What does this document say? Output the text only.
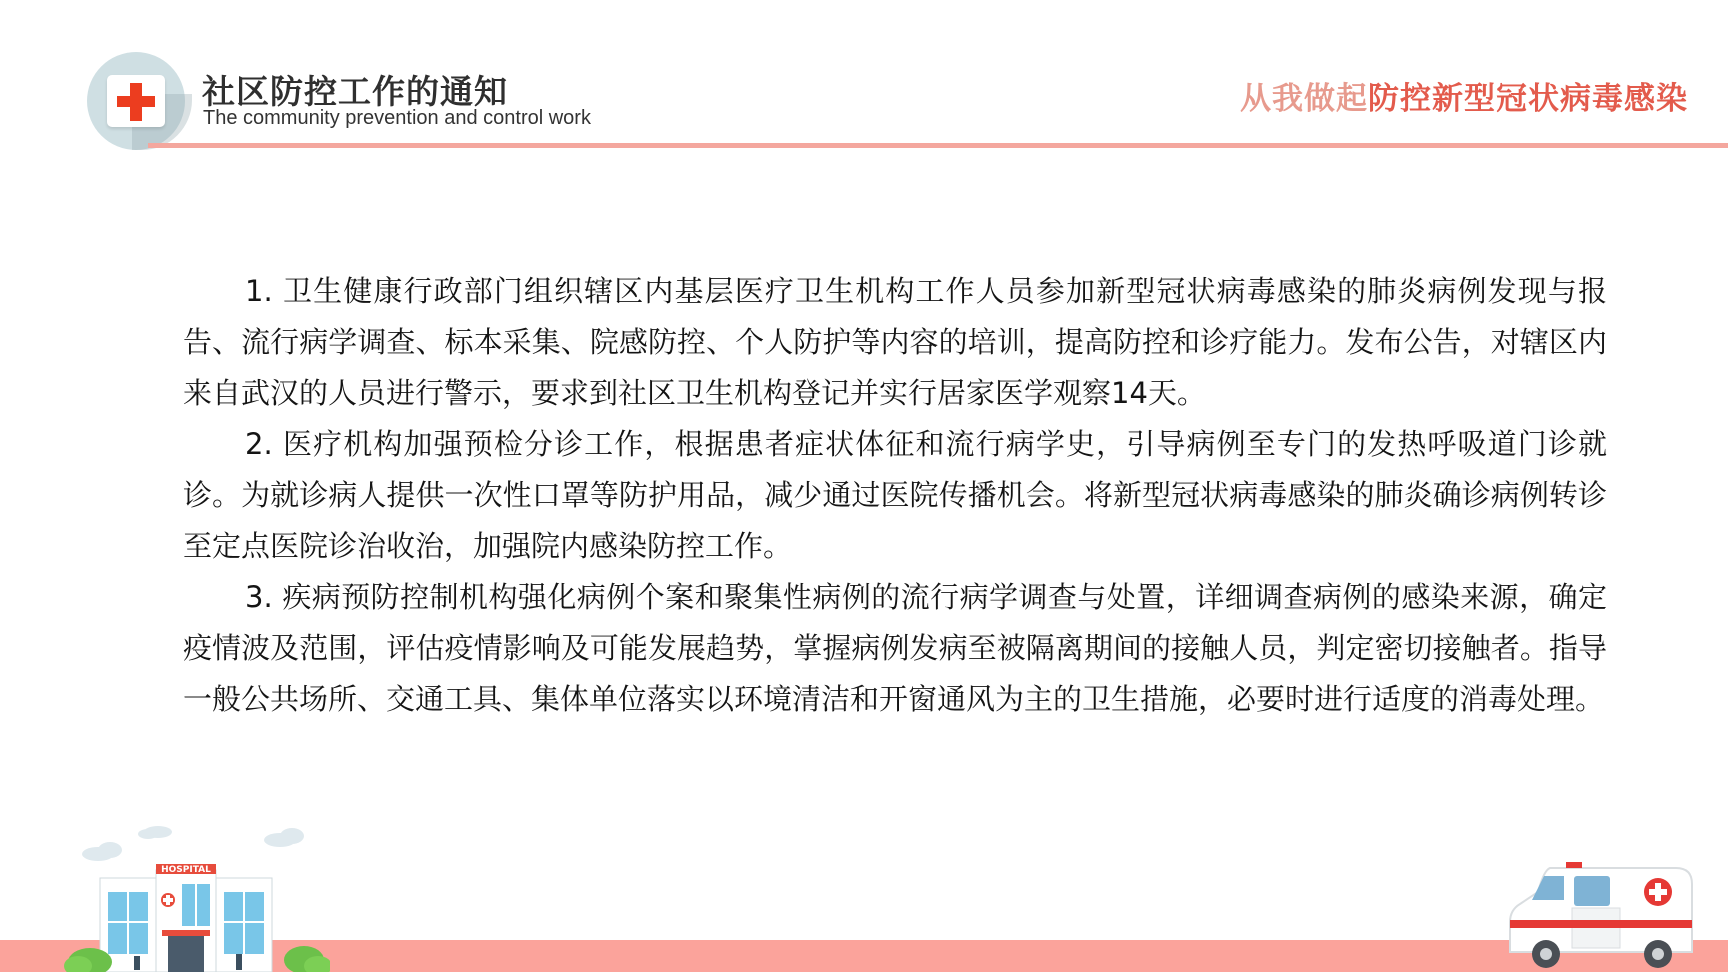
社区防控工作的通知
The community prevention and control work
从我做起防控新型冠状病毒感染

1. 卫生健康行政部门组织辖区内基层医疗卫生机构工作人员参加新型冠状病毒感染的肺炎病例发现与报告、流行病学调查、标本采集、院感防控、个人防护等内容的培训，提高防控和诊疗能力。发布公告，对辖区内来自武汉的人员进行警示，要求到社区卫生机构登记并实行居家医学观察14天。

2. 医疗机构加强预检分诊工作，根据患者症状体征和流行病学史，引导病例至专门的发热呼吸道门诊就诊。为就诊病人提供一次性口罩等防护用品，减少通过医院传播机会。将新型冠状病毒感染的肺炎确诊病例转诊至定点医院诊治收治，加强院内感染防控工作。

3. 疾病预防控制机构强化病例个案和聚集性病例的流行病学调查与处置，详细调查病例的感染来源，确定疫情波及范围，评估疫情影响及可能发展趋势，掌握病例发病至被隔离期间的接触人员，判定密切接触者。指导一般公共场所、交通工具、集体单位落实以环境清洁和开窗通风为主的卫生措施，必要时进行适度的消毒处理。

HOSPITAL
